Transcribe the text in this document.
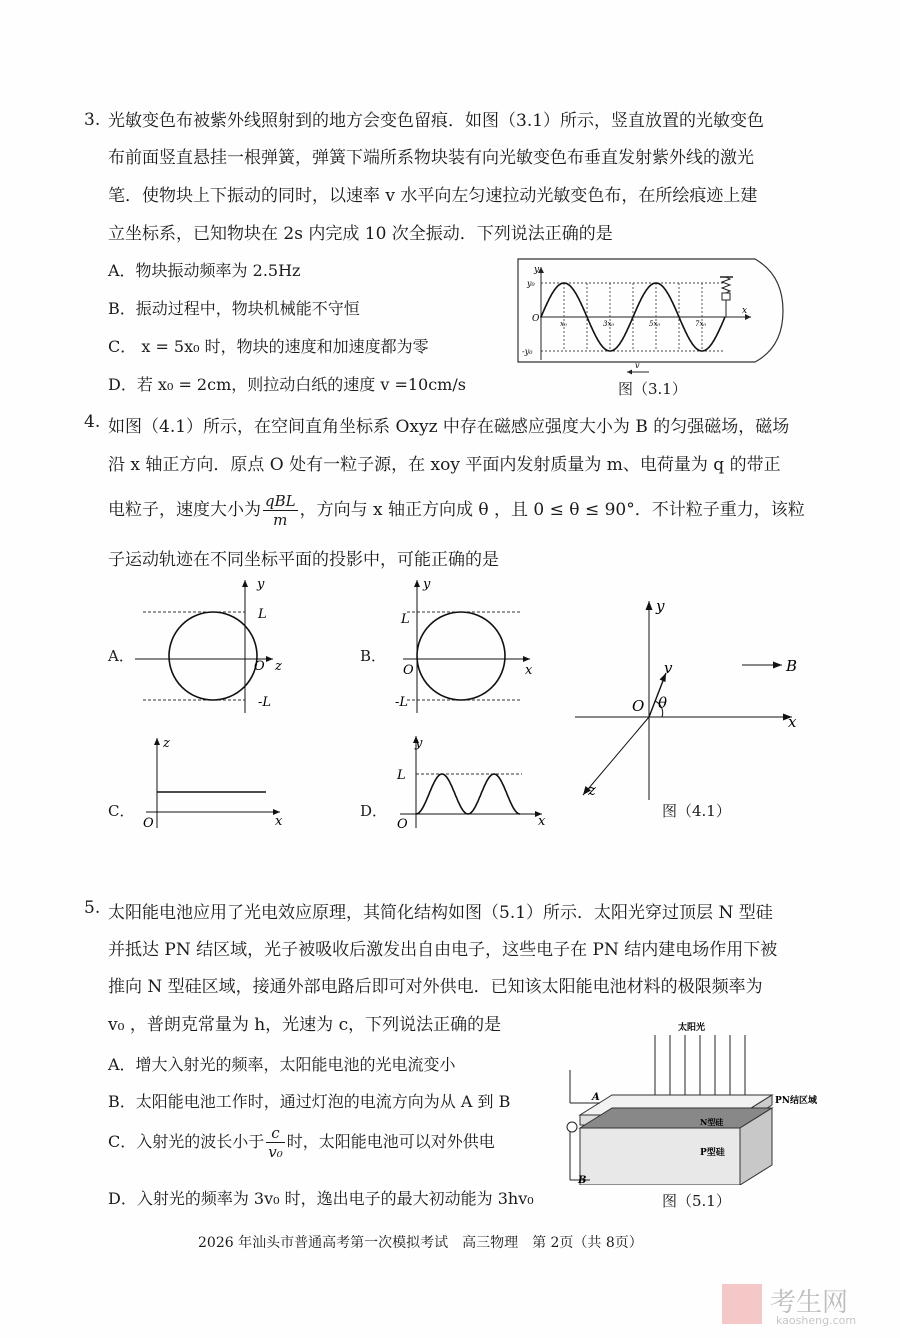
3. 光敏变色布被紫外线照射到的地方会变色留痕．如图（3.1）所示，竖直放置的光敏变色
布前面竖直悬挂一根弹簧，弹簧下端所系物块装有向光敏变色布垂直发射紫外线的激光
笔．使物块上下振动的同时，以速率 v 水平向左匀速拉动光敏变色布，在所绘痕迹上建
立坐标系，已知物块在 2s 内完成 10 次全振动．下列说法正确的是
A．物块振动频率为 2.5Hz
B．振动过程中，物块机械能不守恒
C． x = 5x₀ 时，物块的速度和加速度都为零
D．若 x₀ = 2cm，则拉动白纸的速度 v =10cm/s
y
x
O
y₀
-y₀
x₀	3x₀	5x₀	7x₀
v
图（3.1）
4. 如图（4.1）所示，在空间直角坐标系 Oxyz 中存在磁感应强度大小为 B 的匀强磁场，磁场
沿 x 轴正方向．原点 O 处有一粒子源，在 xoy 平面内发射质量为 m、电荷量为 q 的带正
电粒子，速度大小为 $\frac{\text{qBL}}{m}$ ，方向与 x 轴正方向成 θ ，且 0 ≤ θ ≤ 90°．不计粒子重力，该粒
子运动轨迹在不同坐标平面的投影中，可能正确的是
A．	B．
C．	D．
y
z
O
L
-L
y
x
O
L
-L
z
x
O
y
x
O
L
y
x
z
O
v
θ
B
图（4.1）
5. 太阳能电池应用了光电效应原理，其简化结构如图（5.1）所示．太阳光穿过顶层 N 型硅
并抵达 PN 结区域，光子被吸收后激发出自由电子，这些电子在 PN 结内建电场作用下被
推向 N 型硅区域，接通外部电路后即可对外供电．已知该太阳能电池材料的极限频率为
v₀ ，普朗克常量为 h，光速为 c，下列说法正确的是
A．增大入射光的频率，太阳能电池的光电流变小
B．太阳能电池工作时，通过灯泡的电流方向为从 A 到 B
C．入射光的波长小于 $\frac{c}{\text{v₀}}$ 时，太阳能电池可以对外供电
D．入射光的频率为 3v₀ 时，逸出电子的最大初动能为 3hv₀
太阳光
PN结区域
N型硅
P型硅
A
B
图（5.1）
2026 年汕头市普通高考第一次模拟考试　高三物理　第 2页（共 8页）
考生网
kaosheng.com
